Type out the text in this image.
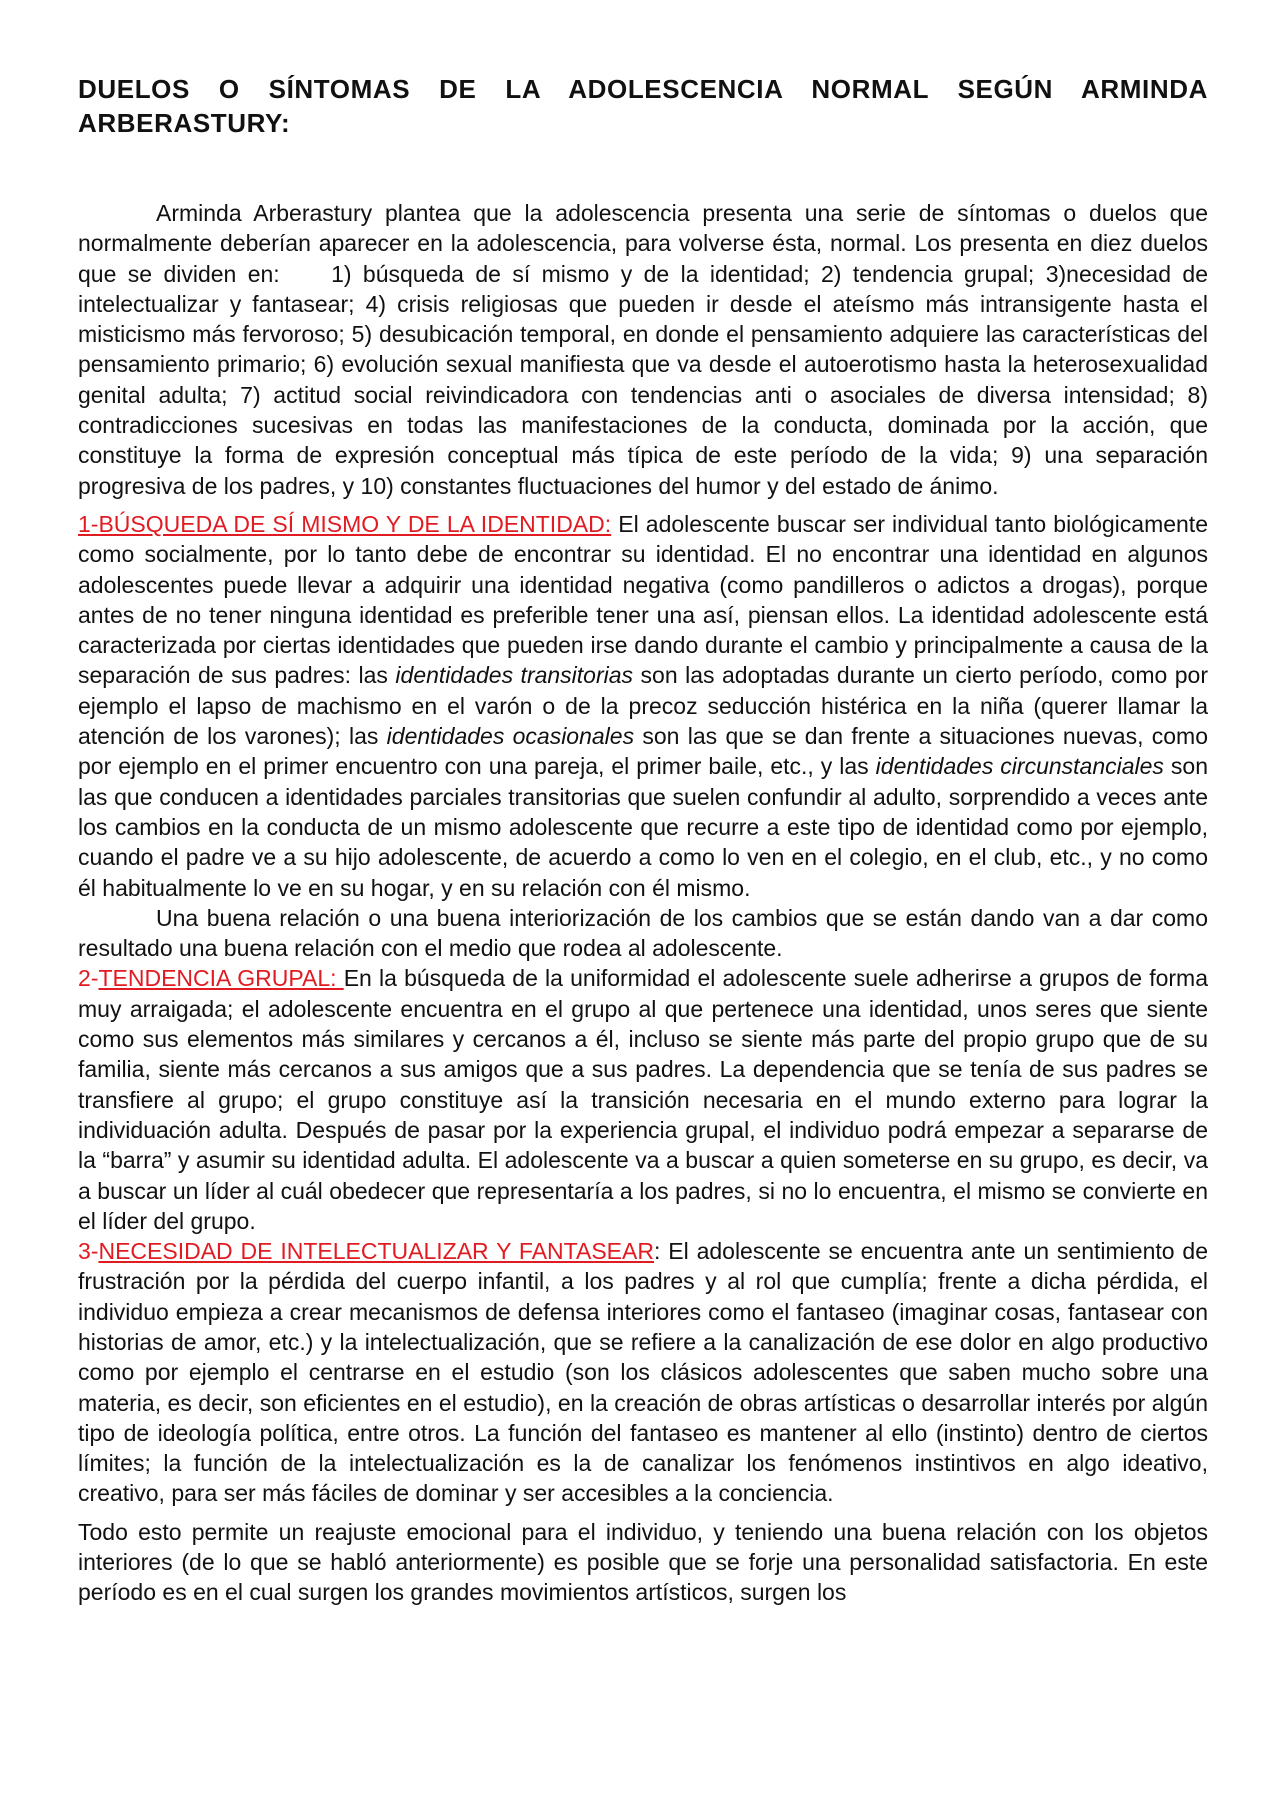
DUELOS O SÍNTOMAS DE LA ADOLESCENCIA NORMAL SEGÚN ARMINDA ARBERASTURY:

Arminda Arberastury plantea que la adolescencia presenta una serie de síntomas o duelos que normalmente deberían aparecer en la adolescencia, para volverse ésta, normal. Los presenta en diez duelos que se dividen en: 1) búsqueda de sí mismo y de la identidad; 2) tendencia grupal; 3)necesidad de intelectualizar y fantasear; 4) crisis religiosas que pueden ir desde el ateísmo más intransigente hasta el misticismo más fervoroso; 5) desubicación temporal, en donde el pensamiento adquiere las características del pensamiento primario; 6) evolución sexual manifiesta que va desde el autoerotismo hasta la heterosexualidad genital adulta; 7) actitud social reivindicadora con tendencias anti o asociales de diversa intensidad; 8) contradicciones sucesivas en todas las manifestaciones de la conducta, dominada por la acción, que constituye la forma de expresión conceptual más típica de este período de la vida; 9) una separación progresiva de los padres, y 10) constantes fluctuaciones del humor y del estado de ánimo.

1-BÚSQUEDA DE SÍ MISMO Y DE LA IDENTIDAD: El adolescente buscar ser individual tanto biológicamente como socialmente, por lo tanto debe de encontrar su identidad. El no encontrar una identidad en algunos adolescentes puede llevar a adquirir una identidad negativa (como pandilleros o adictos a drogas), porque antes de no tener ninguna identidad es preferible tener una así, piensan ellos. La identidad adolescente está caracterizada por ciertas identidades que pueden irse dando durante el cambio y principalmente a causa de la separación de sus padres: las identidades transitorias son las adoptadas durante un cierto período, como por ejemplo el lapso de machismo en el varón o de la precoz seducción histérica en la niña (querer llamar la atención de los varones); las identidades ocasionales son las que se dan frente a situaciones nuevas, como por ejemplo en el primer encuentro con una pareja, el primer baile, etc., y las identidades circunstanciales son las que conducen a identidades parciales transitorias que suelen confundir al adulto, sorprendido a veces ante los cambios en la conducta de un mismo adolescente que recurre a este tipo de identidad como por ejemplo, cuando el padre ve a su hijo adolescente, de acuerdo a como lo ven en el colegio, en el club, etc., y no como él habitualmente lo ve en su hogar, y en su relación con él mismo.

Una buena relación o una buena interiorización de los cambios que se están dando van a dar como resultado una buena relación con el medio que rodea al adolescente.

2-TENDENCIA GRUPAL: En la búsqueda de la uniformidad el adolescente suele adherirse a grupos de forma muy arraigada; el adolescente encuentra en el grupo al que pertenece una identidad, unos seres que siente como sus elementos más similares y cercanos a él, incluso se siente más parte del propio grupo que de su familia, siente más cercanos a sus amigos que a sus padres. La dependencia que se tenía de sus padres se transfiere al grupo; el grupo constituye así la transición necesaria en el mundo externo para lograr la individuación adulta. Después de pasar por la experiencia grupal, el individuo podrá empezar a separarse de la “barra” y asumir su identidad adulta. El adolescente va a buscar a quien someterse en su grupo, es decir, va a buscar un líder al cuál obedecer que representaría a los padres, si no lo encuentra, el mismo se convierte en el líder del grupo.

3-NECESIDAD DE INTELECTUALIZAR Y FANTASEAR: El adolescente se encuentra ante un sentimiento de frustración por la pérdida del cuerpo infantil, a los padres y al rol que cumplía; frente a dicha pérdida, el individuo empieza a crear mecanismos de defensa interiores como el fantaseo (imaginar cosas, fantasear con historias de amor, etc.) y la intelectualización, que se refiere a la canalización de ese dolor en algo productivo como por ejemplo el centrarse en el estudio (son los clásicos adolescentes que saben mucho sobre una materia, es decir, son eficientes en el estudio), en la creación de obras artísticas o desarrollar interés por algún tipo de ideología política, entre otros. La función del fantaseo es mantener al ello (instinto) dentro de ciertos límites; la función de la intelectualización es la de canalizar los fenómenos instintivos en algo ideativo, creativo, para ser más fáciles de dominar y ser accesibles a la conciencia.

Todo esto permite un reajuste emocional para el individuo, y teniendo una buena relación con los objetos interiores (de lo que se habló anteriormente) es posible que se forje una personalidad satisfactoria. En este período es en el cual surgen los grandes movimientos artísticos, surgen los
